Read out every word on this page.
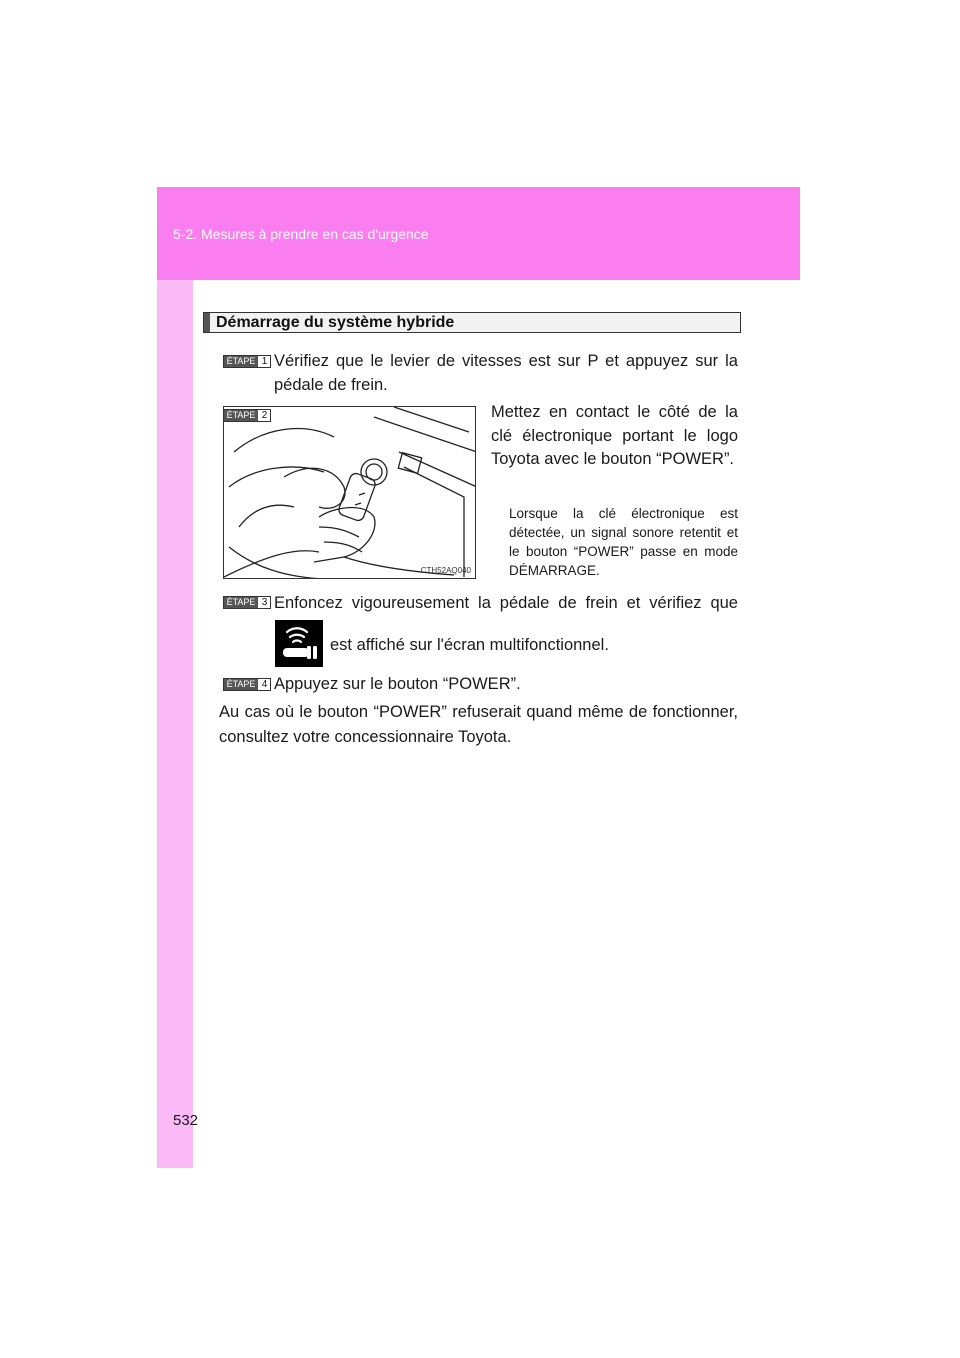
5-2. Mesures à prendre en cas d'urgence
532
Démarrage du système hybride
ÉTAPE 1 Vérifiez que le levier de vitesses est sur P et appuyez sur la pédale de frein.
ÉTAPE 2
CTH52AQ040
Mettez en contact le côté de la clé électronique portant le logo Toyota avec le bouton “POWER”.
Lorsque la clé électronique est détectée, un signal sonore retentit et le bouton “POWER” passe en mode DÉMARRAGE.
ÉTAPE 3 Enfoncez vigoureusement la pédale de frein et vérifiez que
est affiché sur l'écran multifonctionnel.
ÉTAPE 4 Appuyez sur le bouton “POWER”.
Au cas où le bouton “POWER” refuserait quand même de fonctionner, consultez votre concessionnaire Toyota.
